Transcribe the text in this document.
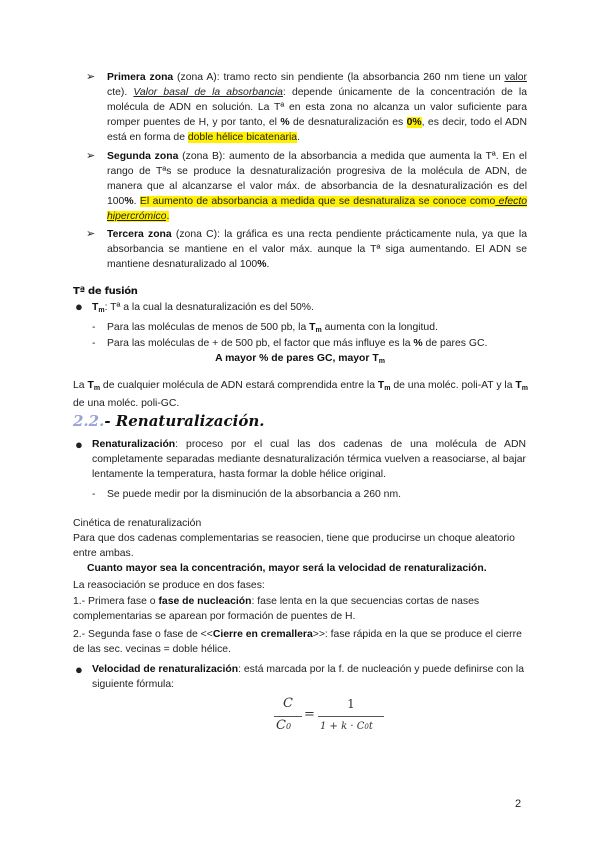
➢ Primera zona (zona A): tramo recto sin pendiente (la absorbancia 260 nm tiene un valor cte). Valor basal de la absorbancia: depende únicamente de la concentración de la molécula de ADN en solución. La Tª en esta zona no alcanza un valor suficiente para romper puentes de H, y por tanto, el % de desnaturalización es 0%, es decir, todo el ADN está en forma de doble hélice bicatenaria.
➢ Segunda zona (zona B): aumento de la absorbancia a medida que aumenta la Tª. En el rango de Tªs se produce la desnaturalización progresiva de la molécula de ADN, de manera que al alcanzarse el valor máx. de absorbancia de la desnaturalización es del 100%. El aumento de absorbancia a medida que se desnaturaliza se conoce como efecto hipercrómico.
➢ Tercera zona (zona C): la gráfica es una recta pendiente prácticamente nula, ya que la absorbancia se mantiene en el valor máx. aunque la Tª siga aumentando. El ADN se mantiene desnaturalizado al 100%.
Tª de fusión
● $T_m$: Tª a la cual la desnaturalización es del 50%.
- Para las moléculas de menos de 500 pb, la $T_m$ aumenta con la longitud.
- Para las moléculas de + de 500 pb, el factor que más influye es la % de pares GC.
A mayor % de pares GC, mayor $T_m$
La $T_m$ de cualquier molécula de ADN estará comprendida entre la $T_m$ de una moléc. poli-AT y la $T_m$ de una moléc. poli-GC.
2.2.- Renaturalización.
● Renaturalización: proceso por el cual las dos cadenas de una molécula de ADN completamente separadas mediante desnaturalización térmica vuelven a reasociarse, al bajar lentamente la temperatura, hasta formar la doble hélice original.
- Se puede medir por la disminución de la absorbancia a 260 nm.
Cinética de renaturalización
Para que dos cadenas complementarias se reasocien, tiene que producirse un choque aleatorio entre ambas.
Cuanto mayor sea la concentración, mayor será la velocidad de renaturalización.
La reasociación se produce en dos fases:
1.- Primera fase o fase de nucleación: fase lenta en la que secuencias cortas de nases complementarias se aparean por formación de puentes de H.
2.- Segunda fase o fase de <<Cierre en cremallera>>: fase rápida en la que se produce el cierre de las sec. vecinas = doble hélice.
● Velocidad de renaturalización: está marcada por la f. de nucleación y puede definirse con la siguiente fórmula:
C
C0
=
1
1 + k · C0t
2
